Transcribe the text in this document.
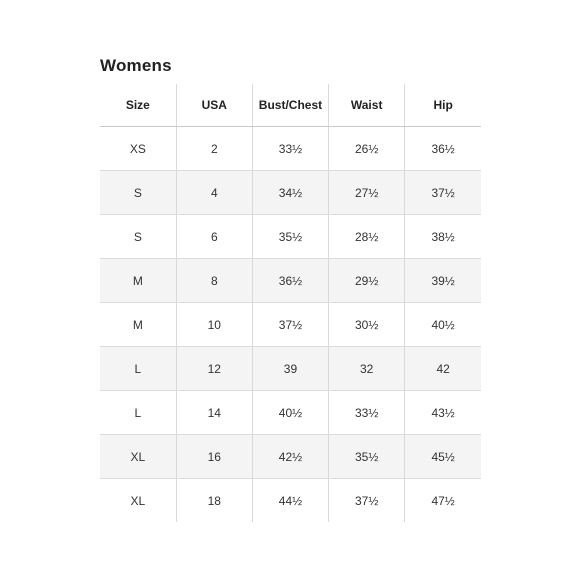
Womens
Size	USA	Bust/Chest	Waist	Hip
XS	2	33½	26½	36½
S	4	34½	27½	37½
S	6	35½	28½	38½
M	8	36½	29½	39½
M	10	37½	30½	40½
L	12	39	32	42
L	14	40½	33½	43½
XL	16	42½	35½	45½
XL	18	44½	37½	47½
